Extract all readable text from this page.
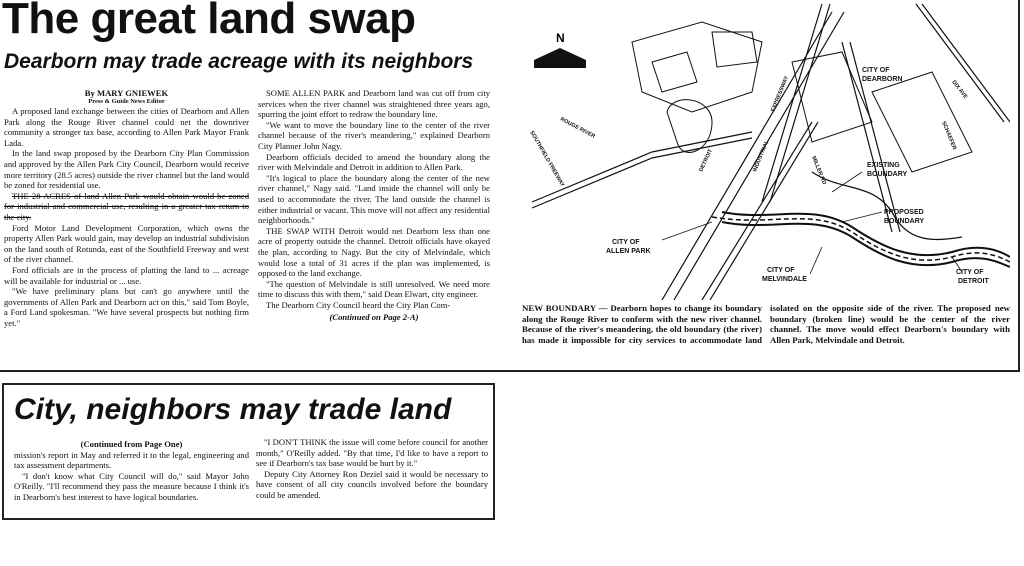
The great land swap
Dearborn may trade acreage with its neighbors
By MARY GNIEWEK
Press & Guide News Editor

A proposed land exchange between the cities of Dearborn and Allen Park along the Rouge River channel could net the downriver community a stronger tax base, according to Allen Park Mayor Frank Lada.

In the land swap proposed by the Dearborn City Plan Commission and approved by the Allen Park City Council, Dearborn would receive more territory (28.5 acres) outside the river channel but the land would be zoned for residential use.

THE 28 ACRES of land Allen Park would obtain would be zoned for industrial and commercial use, resulting in a greater tax return to the city.

Ford Motor Land Development Corporation, which owns the property Allen Park would gain, may develop an industrial subdivision on the land south of Rotunda, east of the Southfield Freeway and west of the river channel.

Ford officials are in the process of platting the land to ... acreage will be available for industrial or ... use.

"We have preliminary plans but can't go anywhere until the governments of Allen Park and Dearborn act on this," said Tom Boyle, a Ford Land spokesman. "We have several prospects but nothing firm yet."

SOME ALLEN PARK and Dearborn land was cut off from city services when the river channel was straightened three years ago, spurring the joint effort to redraw the boundary line.

"We want to move the boundary line to the center of the river channel because of the river's meandering," explained Dearborn City Planner John Nagy.

Dearborn officials decided to amend the boundary along the river with Melvindale and Detroit in addition to Allen Park.

"It's logical to place the boundary along the center of the new river channel," Nagy said. "Land inside the channel will only be used to accommodate the river. The land outside the channel is either industrial or vacant. This move will not affect any residential neighborhoods."

THE SWAP WITH Detroit would net Dearborn less than one acre of property outside the channel. Detroit officials have okayed the plan, according to Nagy. But the city of Melvindale, which would lose a total of 31 acres if the plan was implemented, is opposed to the land exchange.

"The question of Melvindale is still unresolved. We need more time to discuss this with them," said Dean Elwart, city engineer.

The Dearborn City Council heard the City Plan Com-

(Continued on Page 2-A)
N
CITY OF
DEARBORN
EXISTING
BOUNDARY
PROPOSED
BOUNDARY
CITY OF
ALLEN PARK
CITY OF
MELVINDALE
CITY OF
DETROIT
ROUGE RIVER
SOUTHFIELD FREEWAY
EXPRESSWAY
INDUSTRIAL
DETROIT	MILLER RD
DIX AVE
SCHAEFER
NEW BOUNDARY — Dearborn hopes to change its boundary along the Rouge River to conform with the new river channel. Because of the river's meandering, the old boundary (the river) has made it impossible for city services to accommodate land isolated on the opposite side of the river. The proposed new boundary (broken line) would be the center of the river channel. The move would effect Dearborn's boundary with Allen Park, Melvindale and Detroit.
City, neighbors may trade land
(Continued from Page One)

mission's report in May and referred it to the legal, engineering and tax assessment departments.

"I don't know what City Council will do," said Mayor John O'Reilly. "I'll recommend they pass the measure because I think it's in Dearborn's best interest to have logical boundaries.

"I DON'T THINK the issue will come before council for another month," O'Reilly added. "By that time, I'd like to have a report to see if Dearborn's tax base would be hurt by it."

Deputy City Attorney Ron Deziel said it would be necessary to have consent of all city councils involved before the boundary could be amended.
